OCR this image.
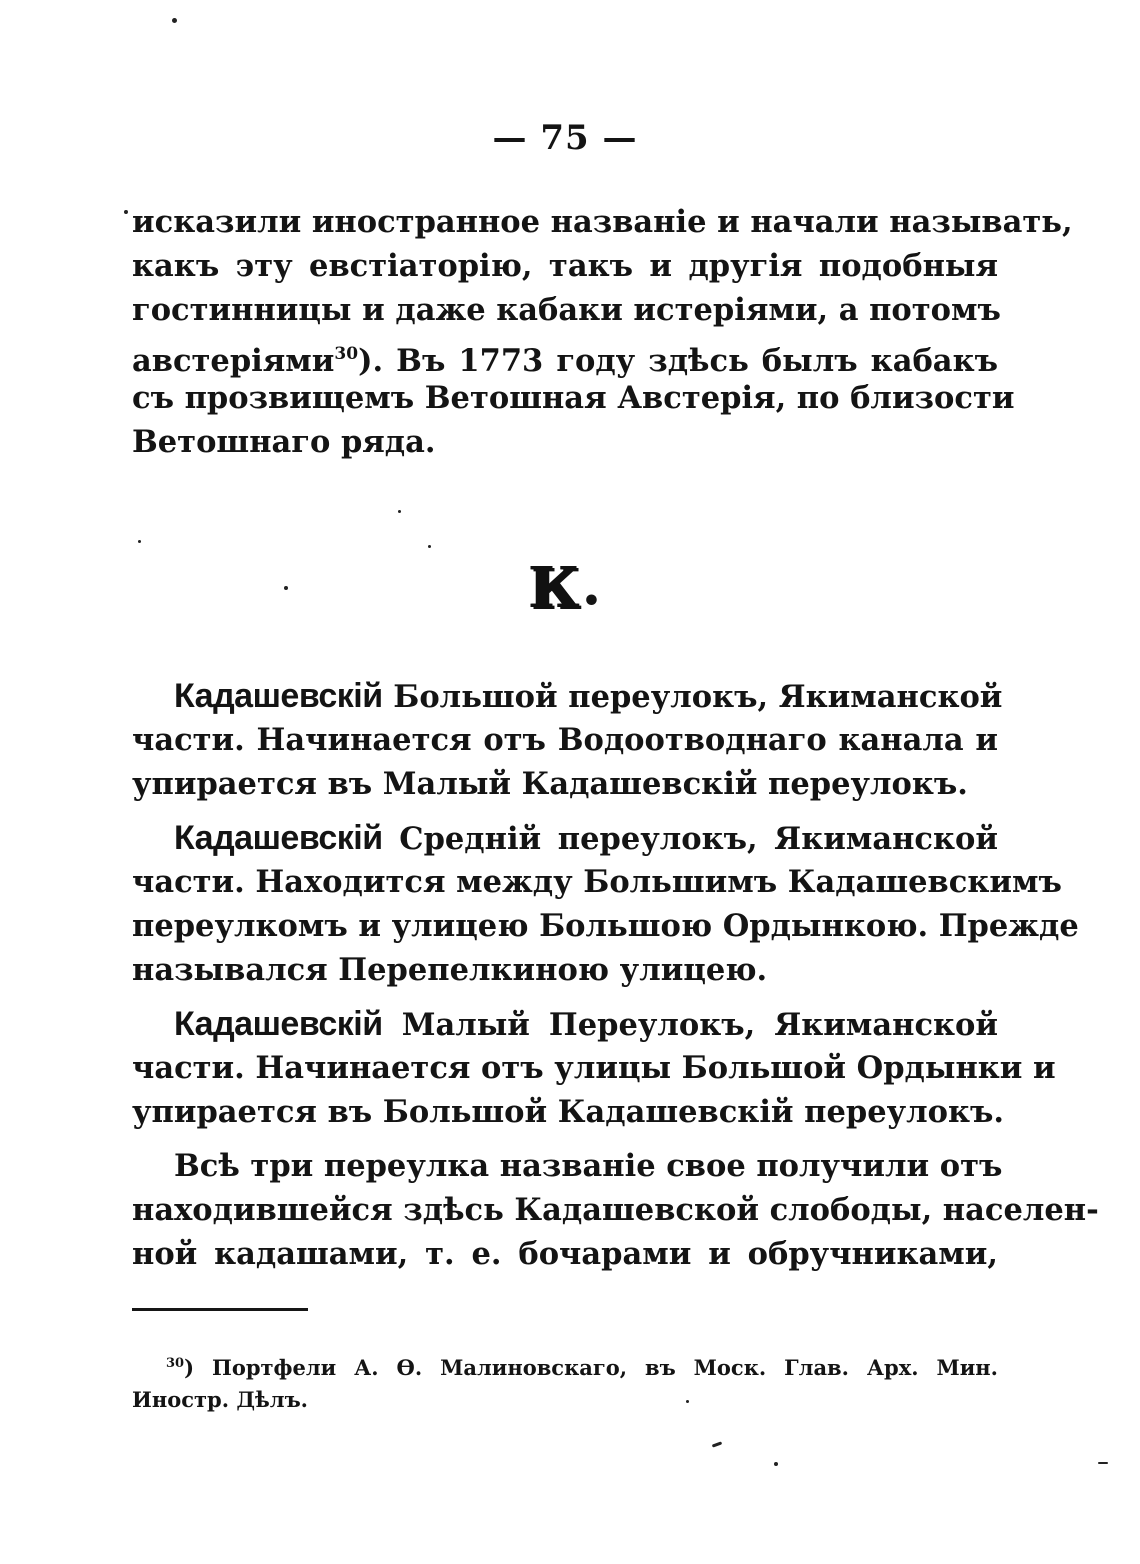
— 75 —
исказили иностранное названіе и начали называть,
какъ эту евстіаторію, такъ и другія подобныя
гостинницы и даже кабаки истеріями, а потомъ
австеріями$^{30}$). Въ 1773 году здѣсь былъ кабакъ
съ прозвищемъ Ветошная Австерія, по близости
Ветошнаго ряда.
К•
Кадашевскій Большой переулокъ, Якиманской
части. Начинается отъ Водоотводнаго канала и
упирается въ Малый Кадашевскій переулокъ.
Кадашевскій Средній переулокъ, Якиманской
части. Находится между Большимъ Кадашевскимъ
переулкомъ и улицею Большою Ордынкою. Прежде
назывался Перепелкиною улицею.
Кадашевскій Малый Переулокъ, Якиманской
части. Начинается отъ улицы Большой Ордынки и
упирается въ Большой Кадашевскій переулокъ.
Всѣ три переулка названіе свое получили отъ
находившейся здѣсь Кадашевской слободы, населен-
ной кадашами, т. е. бочарами и обручниками,
$^{30}$) Портфели А. Ѳ. Малиновскаго, въ Моск. Глав. Арх. Мин.
Иностр. Дѣлъ.
